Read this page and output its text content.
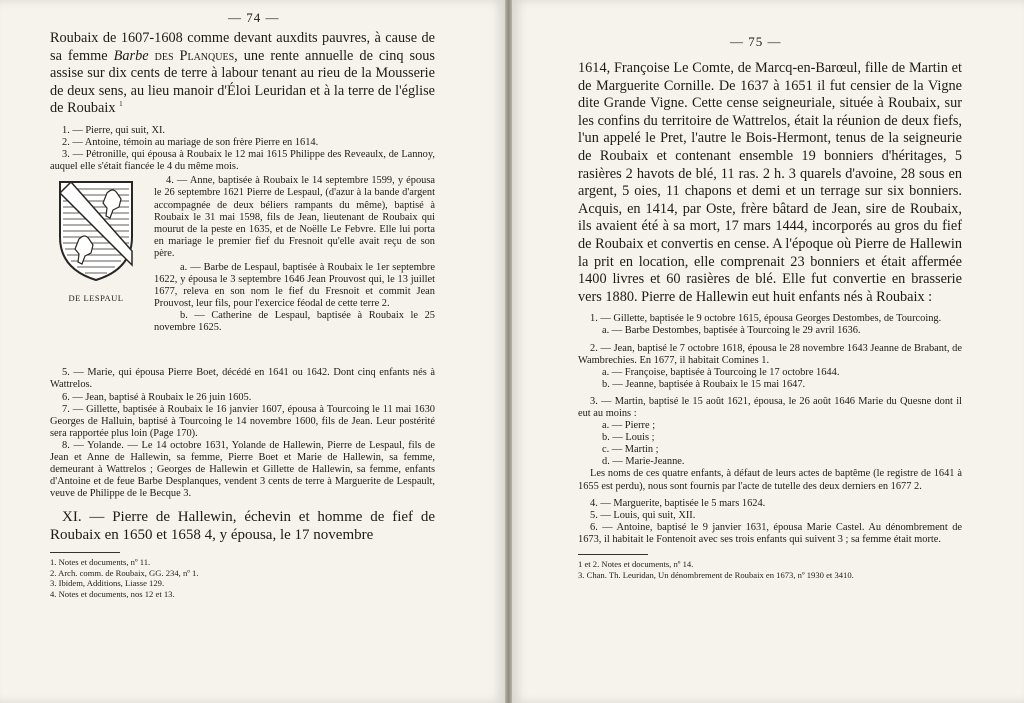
— 74 —

Roubaix de 1607-1608 comme devant auxdits pauvres, à cause de sa femme Barbe des Planques, une rente annuelle de cinq sous assise sur dix cents de terre à labour tenant au rieu de la Mousserie de deux sens, au lieu manoir d'Éloi Leuridan et à la terre de l'église de Roubaix $^1$

1. — Pierre, qui suit, XI.

2. — Antoine, témoin au mariage de son frère Pierre en 1614.

3. — Pétronille, qui épousa à Roubaix le 12 mai 1615 Philippe des Reveaulx, de Lannoy, auquel elle s'était fiancée le 4 du même mois.

DE LESPAUL

4. — Anne, baptisée à Roubaix le 14 septembre 1599, y épousa le 26 septembre 1621 Pierre de Lespaul, (d'azur à la bande d'argent accompagnée de deux béliers rampants du même), baptisé à Roubaix le 31 mai 1598, fils de Jean, lieutenant de Roubaix qui mourut de la peste en 1635, et de Noëlle Le Febvre. Elle lui porta en mariage le premier fief du Fresnoit qu'elle avait reçu de son père.

a. — Barbe de Lespaul, baptisée à Roubaix le 1er septembre 1622, y épousa le 3 septembre 1646 Jean Prouvost qui, le 13 juillet 1677, releva en son nom le fief du Fresnoit et commit Jean Prouvost, leur fils, pour l'exercice féodal de cette terre 2.

b. — Catherine de Lespaul, baptisée à Roubaix le 25 novembre 1625.

5. — Marie, qui épousa Pierre Boet, décédé en 1641 ou 1642. Dont cinq enfants nés à Wattrelos.

6. — Jean, baptisé à Roubaix le 26 juin 1605.

7. — Gillette, baptisée à Roubaix le 16 janvier 1607, épousa à Tourcoing le 11 mai 1630 Georges de Halluin, baptisé à Tourcoing le 14 novembre 1600, fils de Jean. Leur postérité sera rapportée plus loin (Page 170).

8. — Yolande. — Le 14 octobre 1631, Yolande de Hallewin, Pierre de Lespaul, fils de Jean et Anne de Hallewin, sa femme, Pierre Boet et Marie de Hallewin, sa femme, demeurant à Wattrelos ; Georges de Hallewin et Gillette de Hallewin, sa femme, enfants d'Antoine et de feue Barbe Desplanques, vendent 3 cents de terre à Marguerite de Lespault, veuve de Philippe de le Becque 3.

XI. — Pierre de Hallewin, échevin et homme de fief de Roubaix en 1650 et 1658 4, y épousa, le 17 novembre

1. Notes et documents, nº 11.
2. Arch. comm. de Roubaix, GG. 234, nº 1.
3. Ibidem, Additions, Liasse 129.
4. Notes et documents, nos 12 et 13.
— 75 —

1614, Françoise Le Comte, de Marcq-en-Barœul, fille de Martin et de Marguerite Cornille. De 1637 à 1651 il fut censier de la Vigne dite Grande Vigne. Cette cense seigneuriale, située à Roubaix, sur les confins du territoire de Wattrelos, était la réunion de deux fiefs, l'un appelé le Pret, l'autre le Bois-Hermont, tenus de la seigneurie de Roubaix et contenant ensemble 19 bonniers d'héritages, 5 rasières 2 havots de blé, 11 ras. 2 h. 3 quarels d'avoine, 28 sous en argent, 5 oies, 11 chapons et demi et un terrage sur six bonniers. Acquis, en 1414, par Oste, frère bâtard de Jean, sire de Roubaix, ils avaient été à sa mort, 17 mars 1444, incorporés au gros du fief de Roubaix et convertis en cense. A l'époque où Pierre de Hallewin la prit en location, elle comprenait 23 bonniers et était affermée 1400 livres et 60 rasières de blé. Elle fut convertie en brasserie vers 1880. Pierre de Hallewin eut huit enfants nés à Roubaix :

1. — Gillette, baptisée le 9 octobre 1615, épousa Georges Destombes, de Tourcoing.

a. — Barbe Destombes, baptisée à Tourcoing le 29 avril 1636.

2. — Jean, baptisé le 7 octobre 1618, épousa le 28 novembre 1643 Jeanne de Brabant, de Wambrechies. En 1677, il habitait Comines 1.

a. — Françoise, baptisée à Tourcoing le 17 octobre 1644.

b. — Jeanne, baptisée à Roubaix le 15 mai 1647.

3. — Martin, baptisé le 15 août 1621, épousa, le 26 août 1646 Marie du Quesne dont il eut au moins :

a. — Pierre ;

b. — Louis ;

c. — Martin ;

d. — Marie-Jeanne.

Les noms de ces quatre enfants, à défaut de leurs actes de baptême (le registre de 1641 à 1655 est perdu), nous sont fournis par l'acte de tutelle des deux derniers en 1677 2.

4. — Marguerite, baptisée le 5 mars 1624.

5. — Louis, qui suit, XII.

6. — Antoine, baptisé le 9 janvier 1631, épousa Marie Castel. Au dénombrement de 1673, il habitait le Fontenoit avec ses trois enfants qui suivent 3 ; sa femme était morte.

1 et 2. Notes et documents, nº 14.
3. Chan. Th. Leuridan, Un dénombrement de Roubaix en 1673, nº 1930 et 3410.
